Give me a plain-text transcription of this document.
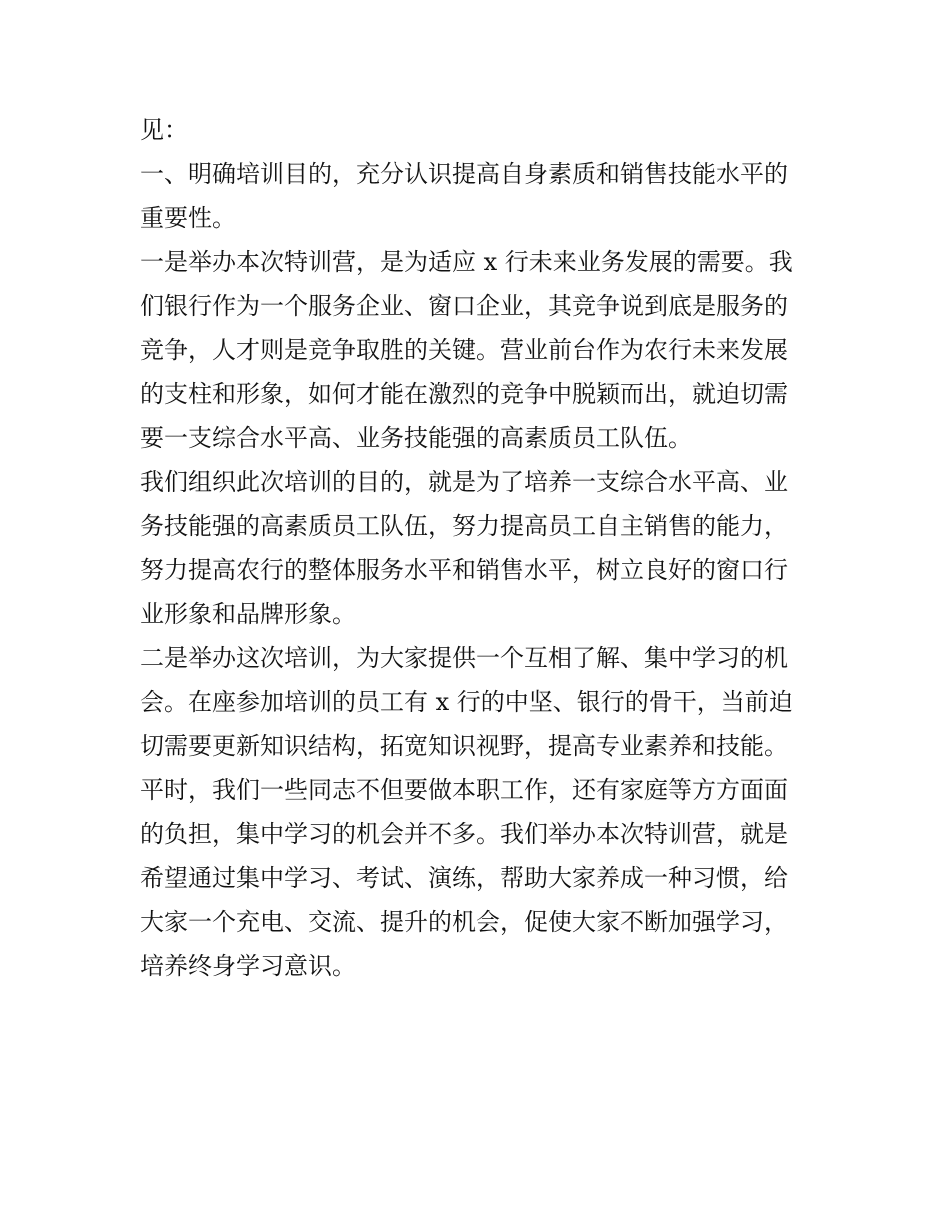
见：
一、明确培训目的，充分认识提高自身素质和销售技能水平的
重要性。
一是举办本次特训营，是为适应 x 行未来业务发展的需要。我
们银行作为一个服务企业、窗口企业，其竞争说到底是服务的
竞争，人才则是竞争取胜的关键。营业前台作为农行未来发展
的支柱和形象，如何才能在激烈的竞争中脱颖而出，就迫切需
要一支综合水平高、业务技能强的高素质员工队伍。
我们组织此次培训的目的，就是为了培养一支综合水平高、业
务技能强的高素质员工队伍，努力提高员工自主销售的能力，
努力提高农行的整体服务水平和销售水平，树立良好的窗口行
业形象和品牌形象。
二是举办这次培训，为大家提供一个互相了解、集中学习的机
会。在座参加培训的员工有 x 行的中坚、银行的骨干，当前迫
切需要更新知识结构，拓宽知识视野，提高专业素养和技能。
平时，我们一些同志不但要做本职工作，还有家庭等方方面面
的负担，集中学习的机会并不多。我们举办本次特训营，就是
希望通过集中学习、考试、演练，帮助大家养成一种习惯，给
大家一个充电、交流、提升的机会，促使大家不断加强学习，
培养终身学习意识。
